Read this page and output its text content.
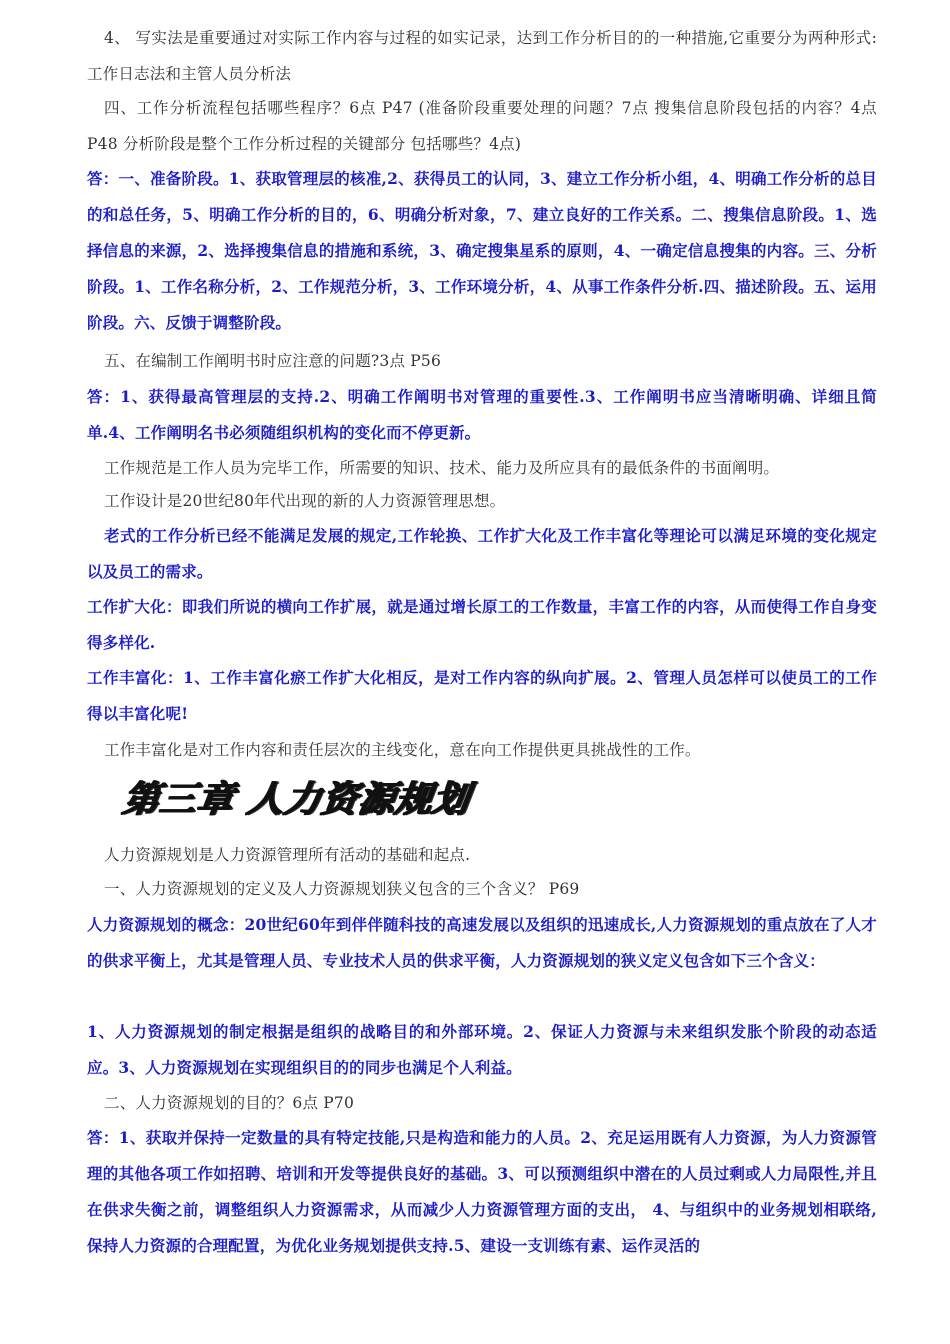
4、 写实法是重要通过对实际工作内容与过程的如实记录，达到工作分析目的的一种措施,它重要分为两种形式:工作日志法和主管人员分析法

四、工作分析流程包括哪些程序？6点 P47 (准备阶段重要处理的问题？7点 搜集信息阶段包括的内容？4点 P48 分析阶段是整个工作分析过程的关键部分 包括哪些？4点)

答：一、准备阶段。1、获取管理层的核准,2、获得员工的认同，3、建立工作分析小组，4、明确工作分析的总目的和总任务，5、明确工作分析的目的，6、明确分析对象，7、建立良好的工作关系。二、搜集信息阶段。1、选择信息的来源，2、选择搜集信息的措施和系统，3、确定搜集星系的原则，4、一确定信息搜集的内容。三、分析阶段。1、工作名称分析，2、工作规范分析，3、工作环境分析，4、从事工作条件分析.四、描述阶段。五、运用阶段。六、反馈于调整阶段。

五、在编制工作阐明书时应注意的问题?3点 P56

答：1、获得最高管理层的支持.2、明确工作阐明书对管理的重要性.3、工作阐明书应当清晰明确、详细且简单.4、工作阐明名书必须随组织机构的变化而不停更新。

工作规范是工作人员为完毕工作，所需要的知识、技术、能力及所应具有的最低条件的书面阐明。

工作设计是20世纪80年代出现的新的人力资源管理思想。

老式的工作分析已经不能满足发展的规定,工作轮换、工作扩大化及工作丰富化等理论可以满足环境的变化规定以及员工的需求。

工作扩大化：即我们所说的横向工作扩展，就是通过增长原工的工作数量，丰富工作的内容，从而使得工作自身变得多样化.

工作丰富化：1、工作丰富化瘀工作扩大化相反，是对工作内容的纵向扩展。2、管理人员怎样可以使员工的工作得以丰富化呢!

工作丰富化是对工作内容和责任层次的主线变化，意在向工作提供更具挑战性的工作。

第三章 人力资源规划

人力资源规划是人力资源管理所有活动的基础和起点.

一、人力资源规划的定义及人力资源规划狭义包含的三个含义？ P69

人力资源规划的概念：20世纪60年到伴伴随科技的高速发展以及组织的迅速成长,人力资源规划的重点放在了人才的供求平衡上，尤其是管理人员、专业技术人员的供求平衡，人力资源规划的狭义定义包含如下三个含义：

1、人力资源规划的制定根据是组织的战略目的和外部环境。2、保证人力资源与未来组织发胀个阶段的动态适应。3、人力资源规划在实现组织目的的同步也满足个人利益。

二、人力资源规划的目的？6点 P70

答：1、获取并保持一定数量的具有特定技能,只是构造和能力的人员。2、充足运用既有人力资源，为人力资源管理的其他各项工作如招聘、培训和开发等提供良好的基础。3、可以预测组织中潜在的人员过剩或人力局限性,并且在供求失衡之前，调整组织人力资源需求，从而减少人力资源管理方面的支出， 4、与组织中的业务规划相联络,保持人力资源的合理配置，为优化业务规划提供支持.5、建设一支训练有素、运作灵活的
